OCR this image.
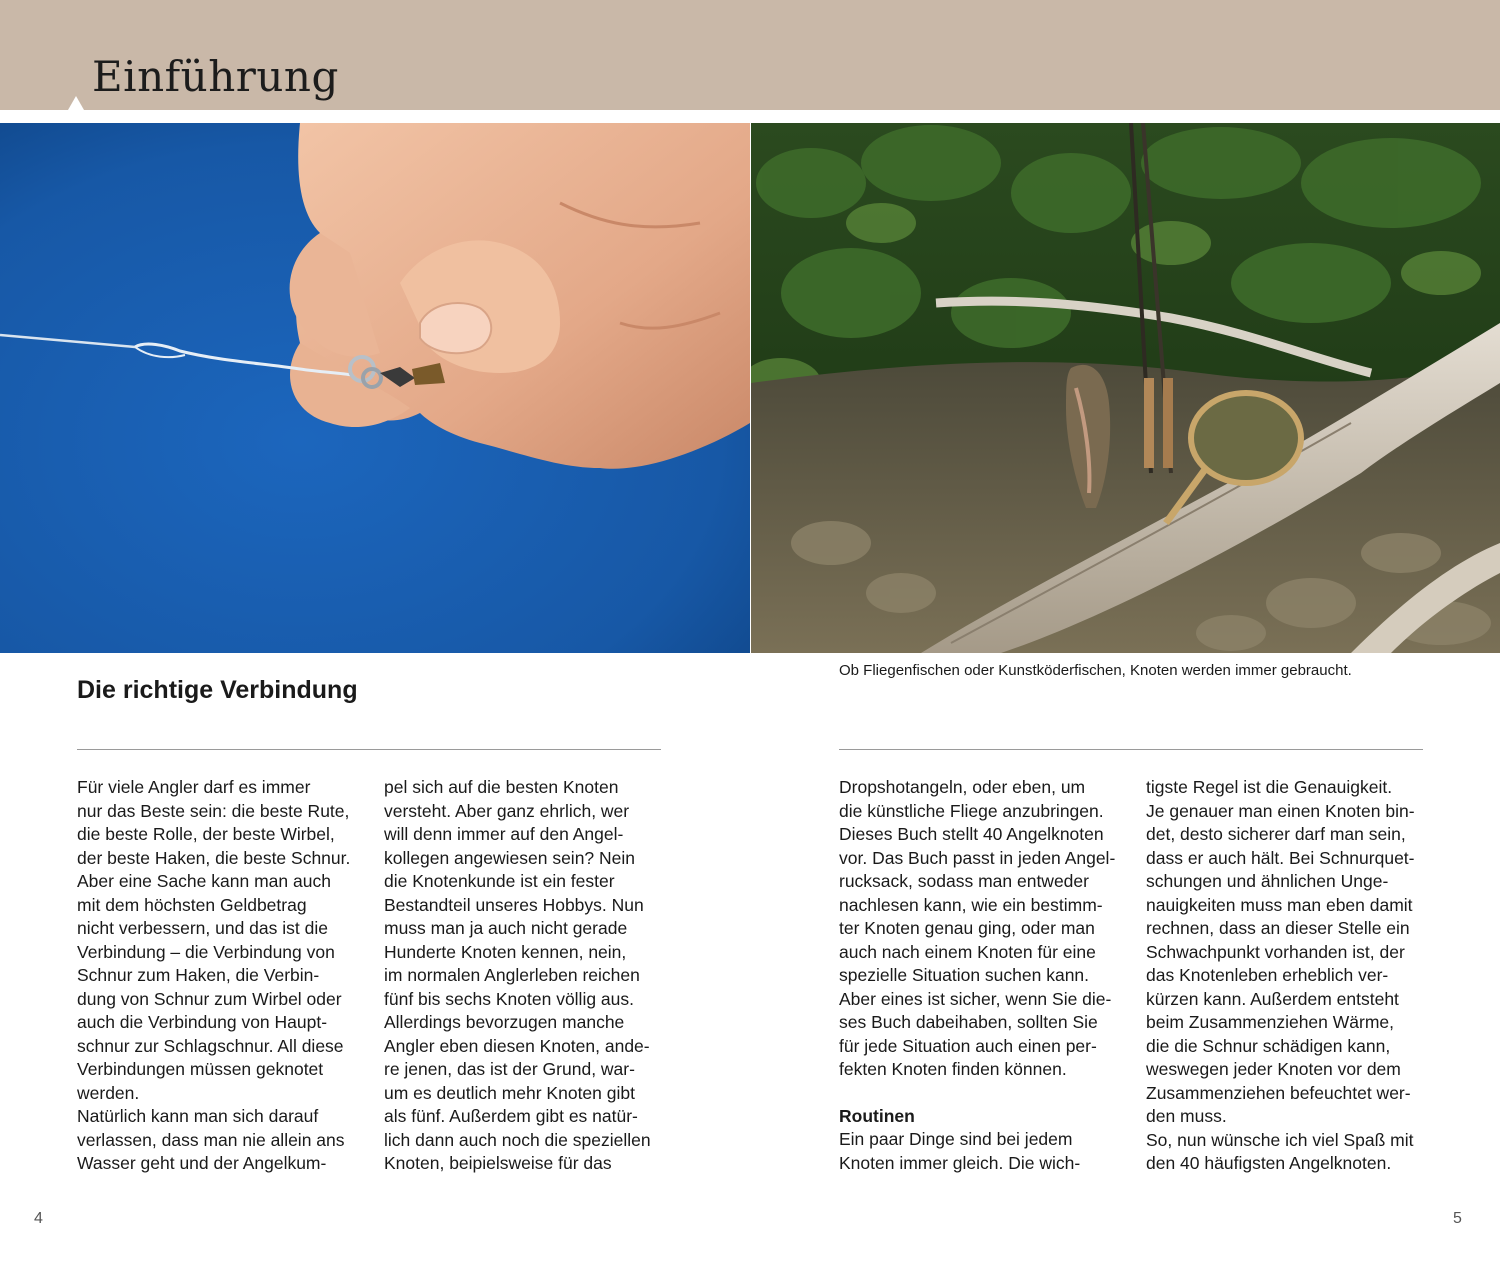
Einführung
Die richtige Verbindung
Ob Fliegenfischen oder Kunstköderfischen, Knoten werden immer gebraucht.

Für viele Angler darf es immer

nur das Beste sein: die beste Rute,

die beste Rolle, der beste Wirbel,

der beste Haken, die beste Schnur.

Aber eine Sache kann man auch

mit dem höchsten Geldbetrag

nicht verbessern, und das ist die

Verbindung – die Verbindung von

Schnur zum Haken, die Verbin-

dung von Schnur zum Wirbel oder

auch die Verbindung von Haupt-

schnur zur Schlagschnur. All diese

Verbindungen müssen geknotet

werden.

Natürlich kann man sich darauf

verlassen, dass man nie allein ans

Wasser geht und der Angelkum-

pel sich auf die besten Knoten

versteht. Aber ganz ehrlich, wer

will denn immer auf den Angel-

kollegen angewiesen sein? Nein

die Knotenkunde ist ein fester

Bestandteil unseres Hobbys. Nun

muss man ja auch nicht gerade

Hunderte Knoten kennen, nein,

im normalen Anglerleben reichen

fünf bis sechs Knoten völlig aus.

Allerdings bevorzugen manche

Angler eben diesen Knoten, ande-

re jenen, das ist der Grund, war-

um es deutlich mehr Knoten gibt

als fünf. Außerdem gibt es natür-

lich dann auch noch die speziellen

Knoten, beipielsweise für das

Dropshotangeln, oder eben, um

die künstliche Fliege anzubringen.

Dieses Buch stellt 40 Angelknoten

vor. Das Buch passt in jeden Angel-

rucksack, sodass man entweder

nachlesen kann, wie ein bestimm-

ter Knoten genau ging, oder man

auch nach einem Knoten für eine

spezielle Situation suchen kann.

Aber eines ist sicher, wenn Sie die-

ses Buch dabeihaben, sollten Sie

für jede Situation auch einen per-

fekten Knoten finden können.

Routinen

Ein paar Dinge sind bei jedem

Knoten immer gleich. Die wich-

tigste Regel ist die Genauigkeit.

Je genauer man einen Knoten bin-

det, desto sicherer darf man sein,

dass er auch hält. Bei Schnurquet-

schungen und ähnlichen Unge-

nauigkeiten muss man eben damit

rechnen, dass an dieser Stelle ein

Schwachpunkt vorhanden ist, der

das Knotenleben erheblich ver-

kürzen kann. Außerdem entsteht

beim Zusammenziehen Wärme,

die die Schnur schädigen kann,

weswegen jeder Knoten vor dem

Zusammenziehen befeuchtet wer-

den muss.

So, nun wünsche ich viel Spaß mit

den 40 häufigsten Angelknoten.

4	5
